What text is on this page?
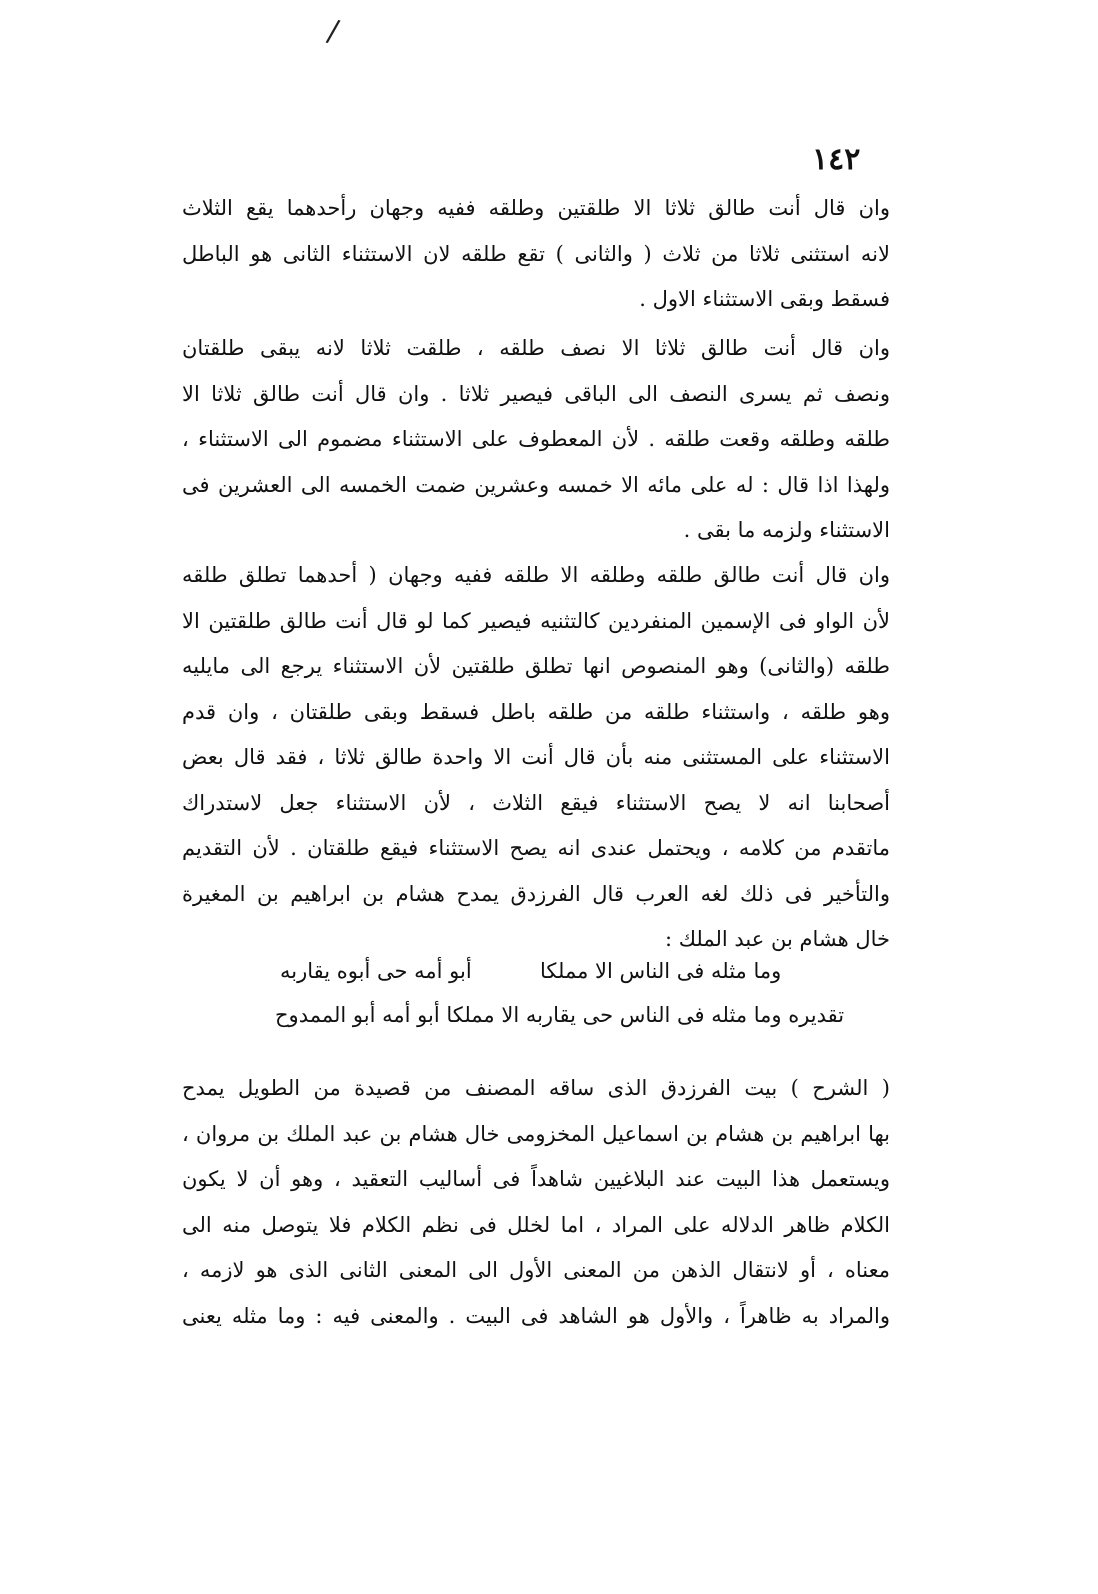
/
١٤٢
وان قال أنت طالق ثلاثا الا طلقتين وطلقه ففيه وجهان رأحدهما يقع الثلاث
لانه استثنى ثلاثا من ثلاث ( والثانى ) تقع طلقه لان الاستثناء الثانى هو الباطل
فسقط وبقى الاستثناء الاول .
وان قال أنت طالق ثلاثا الا نصف طلقه ، طلقت ثلاثا لانه يبقى طلقتان
ونصف ثم يسرى النصف الى الباقى فيصير ثلاثا . وان قال أنت طالق ثلاثا الا
طلقه وطلقه وقعت طلقه . لأن المعطوف على الاستثناء مضموم الى الاستثناء ،
ولهذا اذا قال : له على مائه الا خمسه وعشرين ضمت الخمسه الى العشرين فى
الاستثناء ولزمه ما بقى .
وان قال أنت طالق طلقه وطلقه الا طلقه ففيه وجهان ( أحدهما تطلق طلقه
لأن الواو فى الإسمين المنفردين كالتثنيه فيصير كما لو قال أنت طالق طلقتين الا
طلقه (والثانى) وهو المنصوص انها تطلق طلقتين لأن الاستثناء يرجع الى مايليه
وهو طلقه ، واستثناء طلقه من طلقه باطل فسقط وبقى طلقتان ، وان قدم
الاستثناء على المستثنى منه بأن قال أنت الا واحدة طالق ثلاثا ، فقد قال بعض
أصحابنا انه لا يصح الاستثناء فيقع الثلاث ، لأن الاستثناء جعل لاستدراك
ماتقدم من كلامه ، ويحتمل عندى انه يصح الاستثناء فيقع طلقتان . لأن التقديم
والتأخير فى ذلك لغه العرب قال الفرزدق يمدح هشام بن ابراهيم بن المغيرة
خال هشام بن عبد الملك :
وما مثله فى الناس الا مملكا
أبو أمه حى أبوه يقاربه
تقديره وما مثله فى الناس حى يقاربه الا مملكا أبو أمه أبو الممدوح
( الشرح ) بيت الفرزدق الذى ساقه المصنف من قصيدة من الطويل يمدح
بها ابراهيم بن هشام بن اسماعيل المخزومى خال هشام بن عبد الملك بن مروان ،
ويستعمل هذا البيت عند البلاغيين شاهداً فى أساليب التعقيد ، وهو أن لا يكون
الكلام ظاهر الدلاله على المراد ، اما لخلل فى نظم الكلام فلا يتوصل منه الى
معناه ، أو لانتقال الذهن من المعنى الأول الى المعنى الثانى الذى هو لازمه ،
والمراد به ظاهراً ، والأول هو الشاهد فى البيت . والمعنى فيه : وما مثله يعنى
